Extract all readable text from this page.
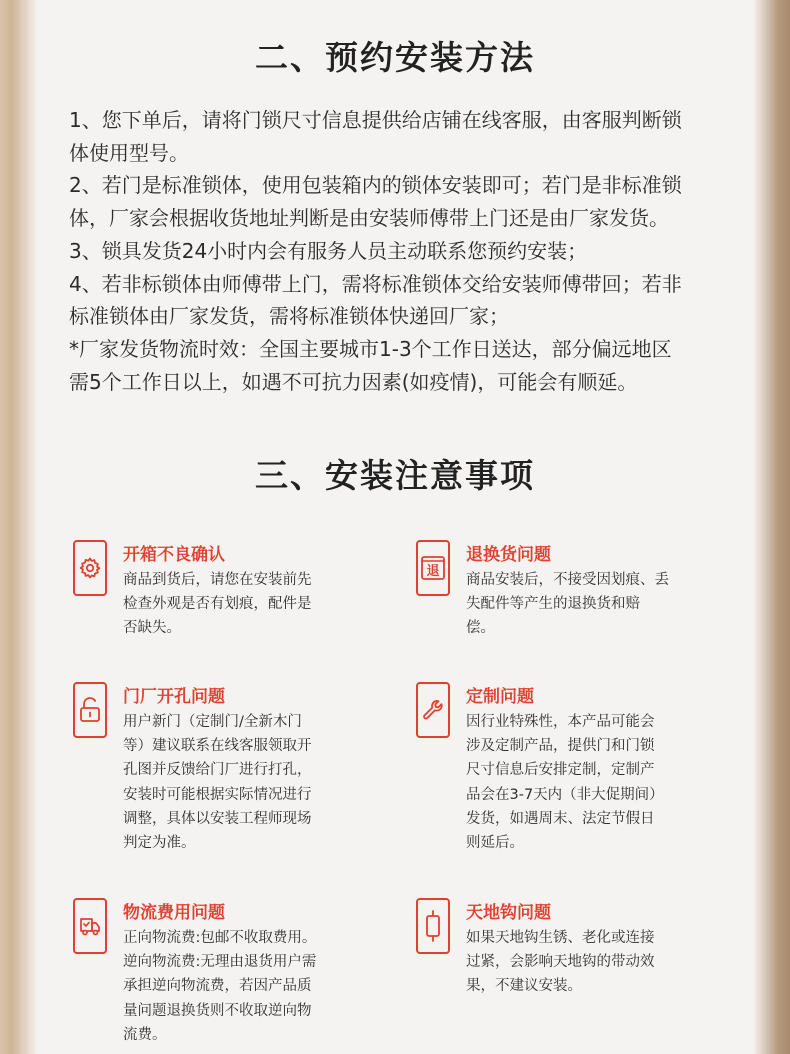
二、预约安装方法
1、您下单后，请将门锁尺寸信息提供给店铺在线客服，由客服判断锁
体使用型号。
2、若门是标准锁体，使用包装箱内的锁体安装即可；若门是非标准锁
体，厂家会根据收货地址判断是由安装师傅带上门还是由厂家发货。
3、锁具发货24小时内会有服务人员主动联系您预约安装；
4、若非标锁体由师傅带上门，需将标准锁体交给安装师傅带回；若非
标准锁体由厂家发货，需将标准锁体快递回厂家；
*厂家发货物流时效：全国主要城市1-3个工作日送达，部分偏远地区
需5个工作日以上，如遇不可抗力因素(如疫情)，可能会有顺延。
三、安装注意事项
开箱不良确认

商品到货后，请您在安装前先
检查外观是否有划痕，配件是
否缺失。

退
退换货问题

商品安装后，不接受因划痕、丢
失配件等产生的退换货和赔
偿。

门厂开孔问题

用户新门（定制门/全新木门
等）建议联系在线客服领取开
孔图并反馈给门厂进行打孔，
安装时可能根据实际情况进行
调整，具体以安装工程师现场
判定为准。

定制问题

因行业特殊性，本产品可能会
涉及定制产品，提供门和门锁
尺寸信息后安排定制，定制产
品会在3-7天内（非大促期间）
发货，如遇周末、法定节假日
则延后。

物流费用问题

正向物流费:包邮不收取费用。
逆向物流费:无理由退货用户需
承担逆向物流费，若因产品质
量问题退换货则不收取逆向物
流费。

天地钩问题

如果天地钩生锈、老化或连接
过紧，会影响天地钩的带动效
果，不建议安装。
